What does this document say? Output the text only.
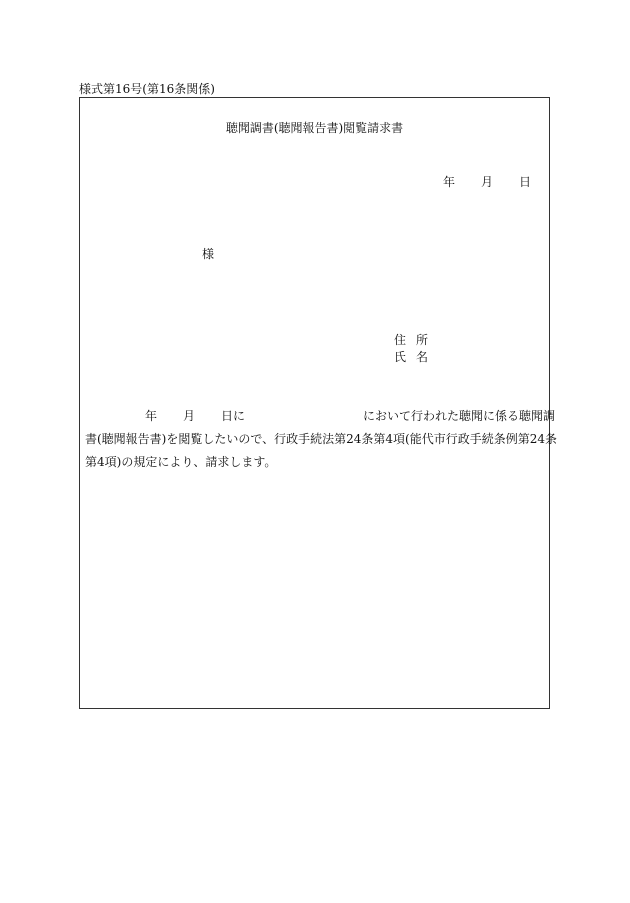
様式第16号(第16条関係)
聴聞調書(聴聞報告書)閲覧請求書
年 月 日
様
住 所
氏 名
年 月 日に	において行われた聴聞に係る聴聞調
書(聴聞報告書)を閲覧したいので、行政手続法第24条第4項(能代市行政手続条例第24条
第4項)の規定により、請求します。
